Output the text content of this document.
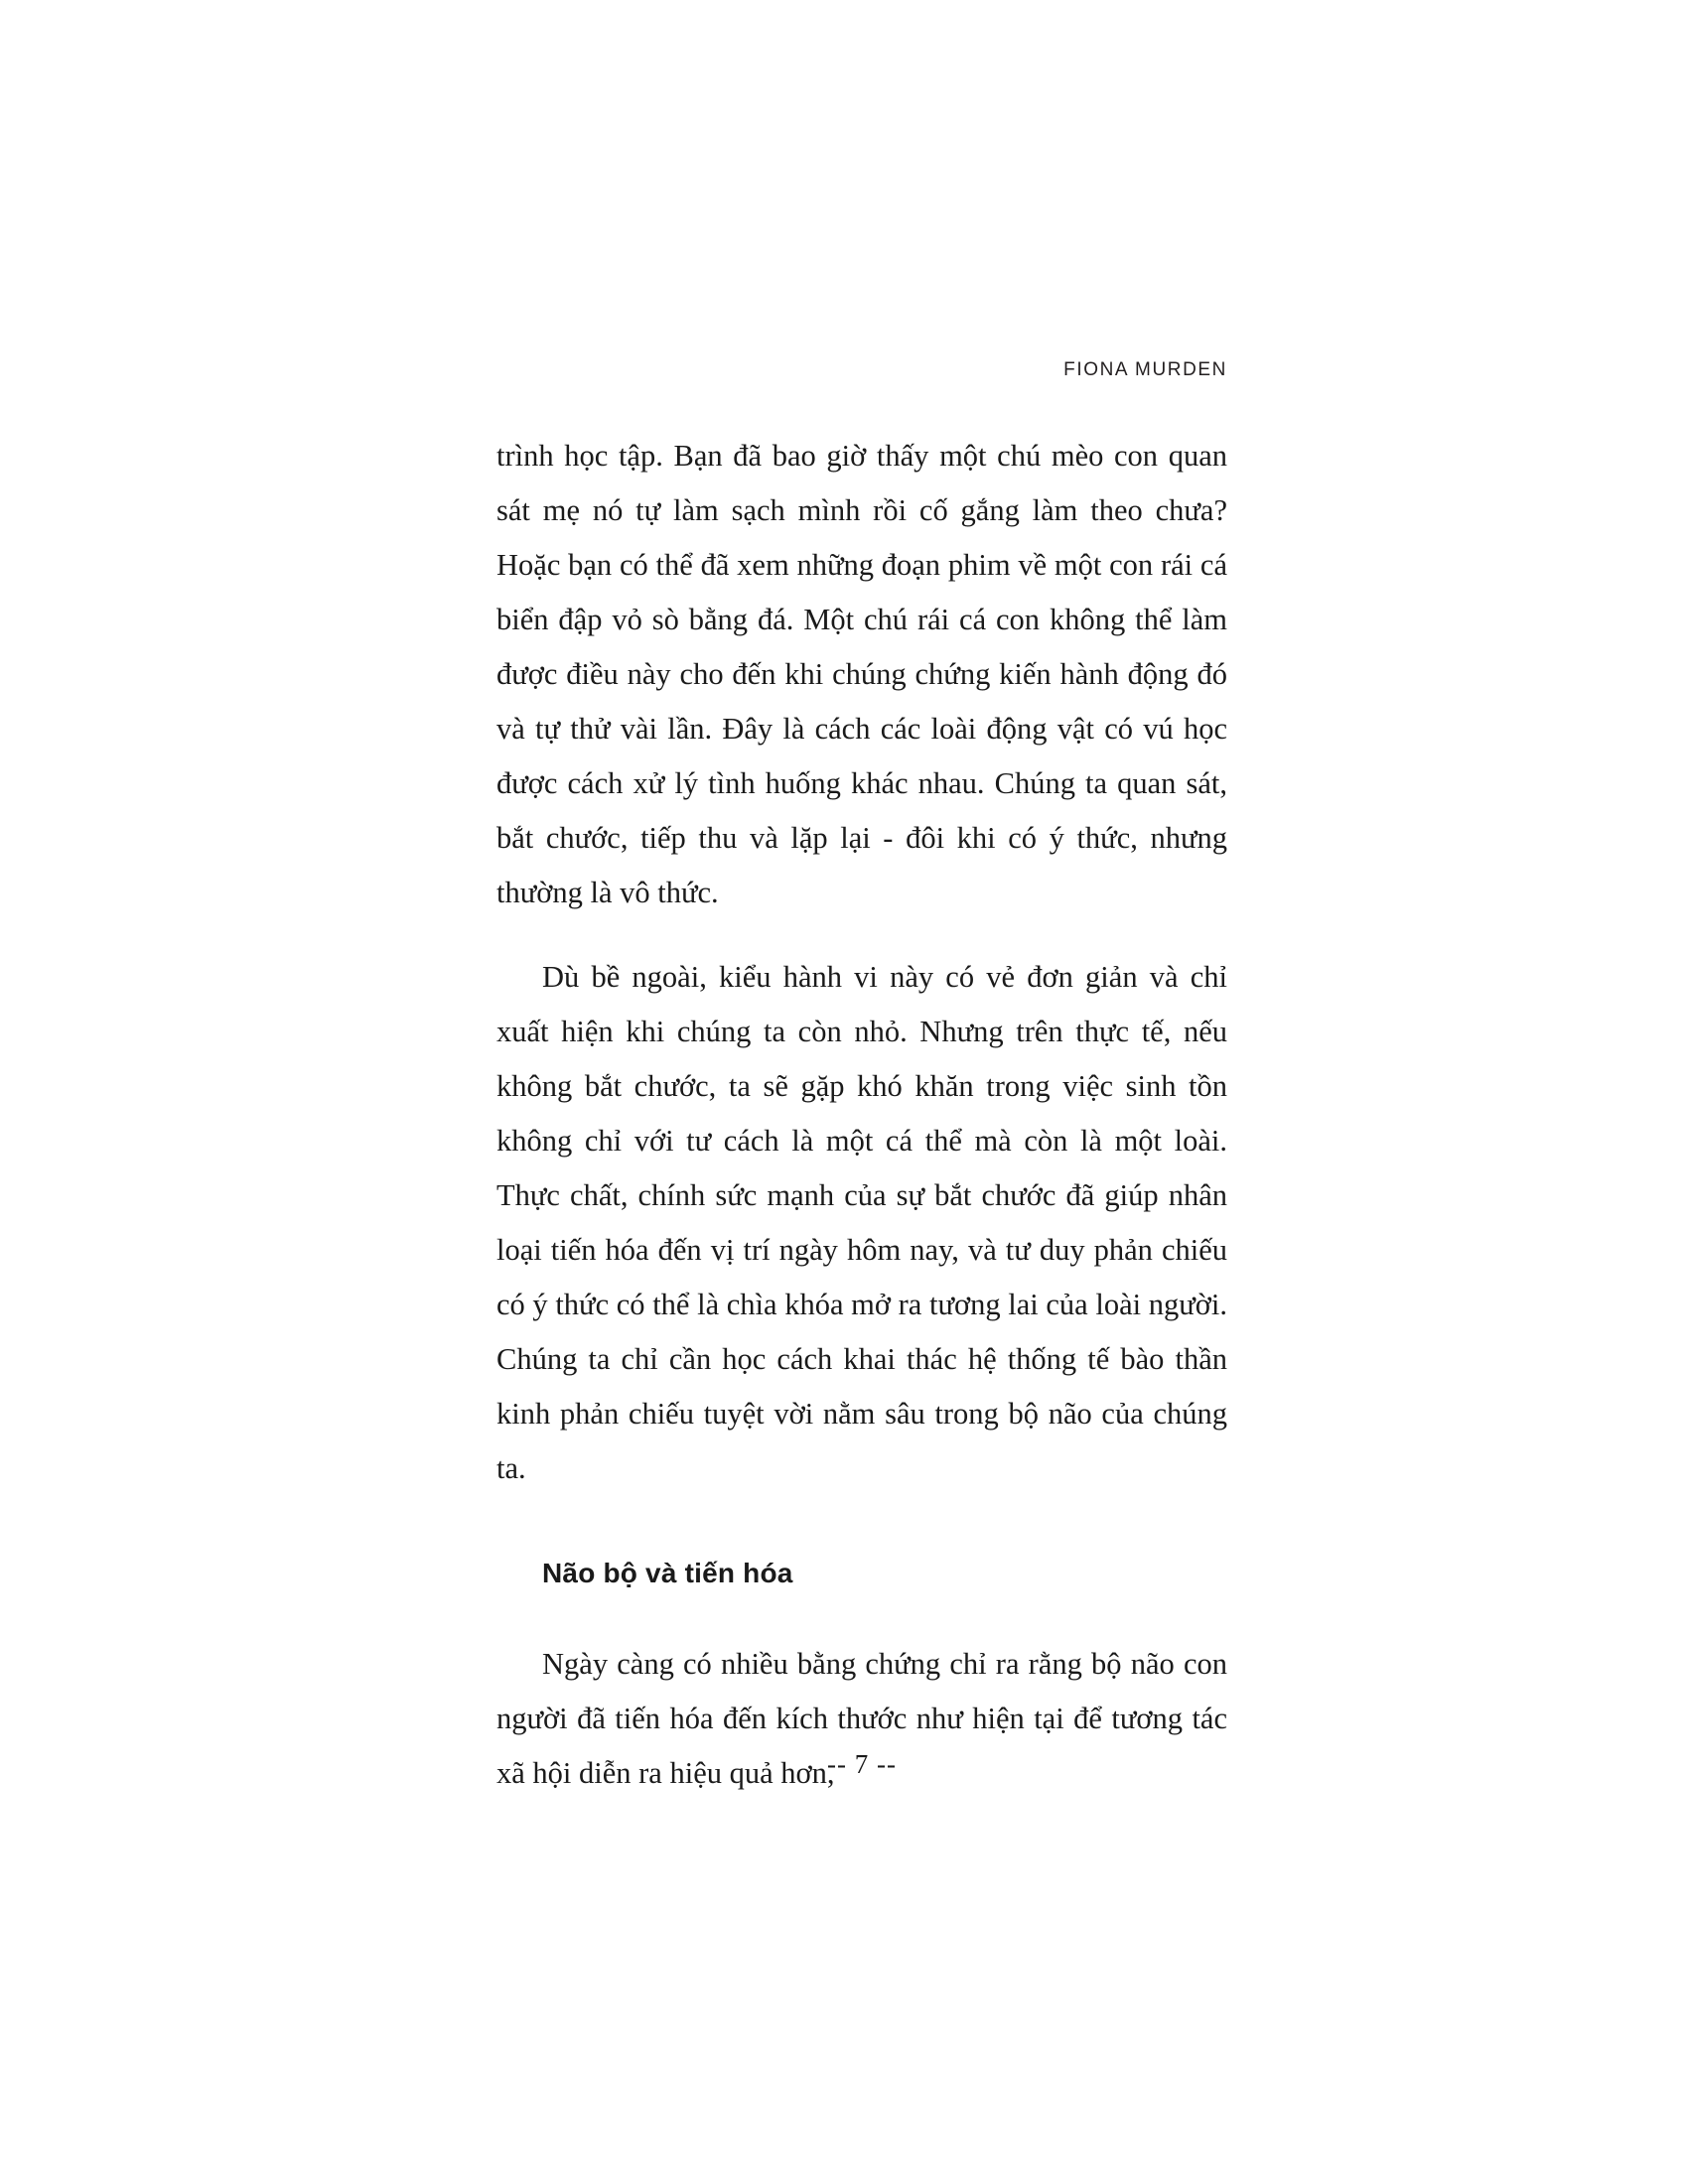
FIONA MURDEN

trình học tập. Bạn đã bao giờ thấy một chú mèo con quan sát mẹ nó tự làm sạch mình rồi cố gắng làm theo chưa? Hoặc bạn có thể đã xem những đoạn phim về một con rái cá biển đập vỏ sò bằng đá. Một chú rái cá con không thể làm được điều này cho đến khi chúng chứng kiến hành động đó và tự thử vài lần. Đây là cách các loài động vật có vú học được cách xử lý tình huống khác nhau. Chúng ta quan sát, bắt chước, tiếp thu và lặp lại - đôi khi có ý thức, nhưng thường là vô thức.

Dù bề ngoài, kiểu hành vi này có vẻ đơn giản và chỉ xuất hiện khi chúng ta còn nhỏ. Nhưng trên thực tế, nếu không bắt chước, ta sẽ gặp khó khăn trong việc sinh tồn không chỉ với tư cách là một cá thể mà còn là một loài. Thực chất, chính sức mạnh của sự bắt chước đã giúp nhân loại tiến hóa đến vị trí ngày hôm nay, và tư duy phản chiếu có ý thức có thể là chìa khóa mở ra tương lai của loài người. Chúng ta chỉ cần học cách khai thác hệ thống tế bào thần kinh phản chiếu tuyệt vời nằm sâu trong bộ não của chúng ta.

Não bộ và tiến hóa

Ngày càng có nhiều bằng chứng chỉ ra rằng bộ não con người đã tiến hóa đến kích thước như hiện tại để tương tác xã hội diễn ra hiệu quả hơn,

-- 7 --
